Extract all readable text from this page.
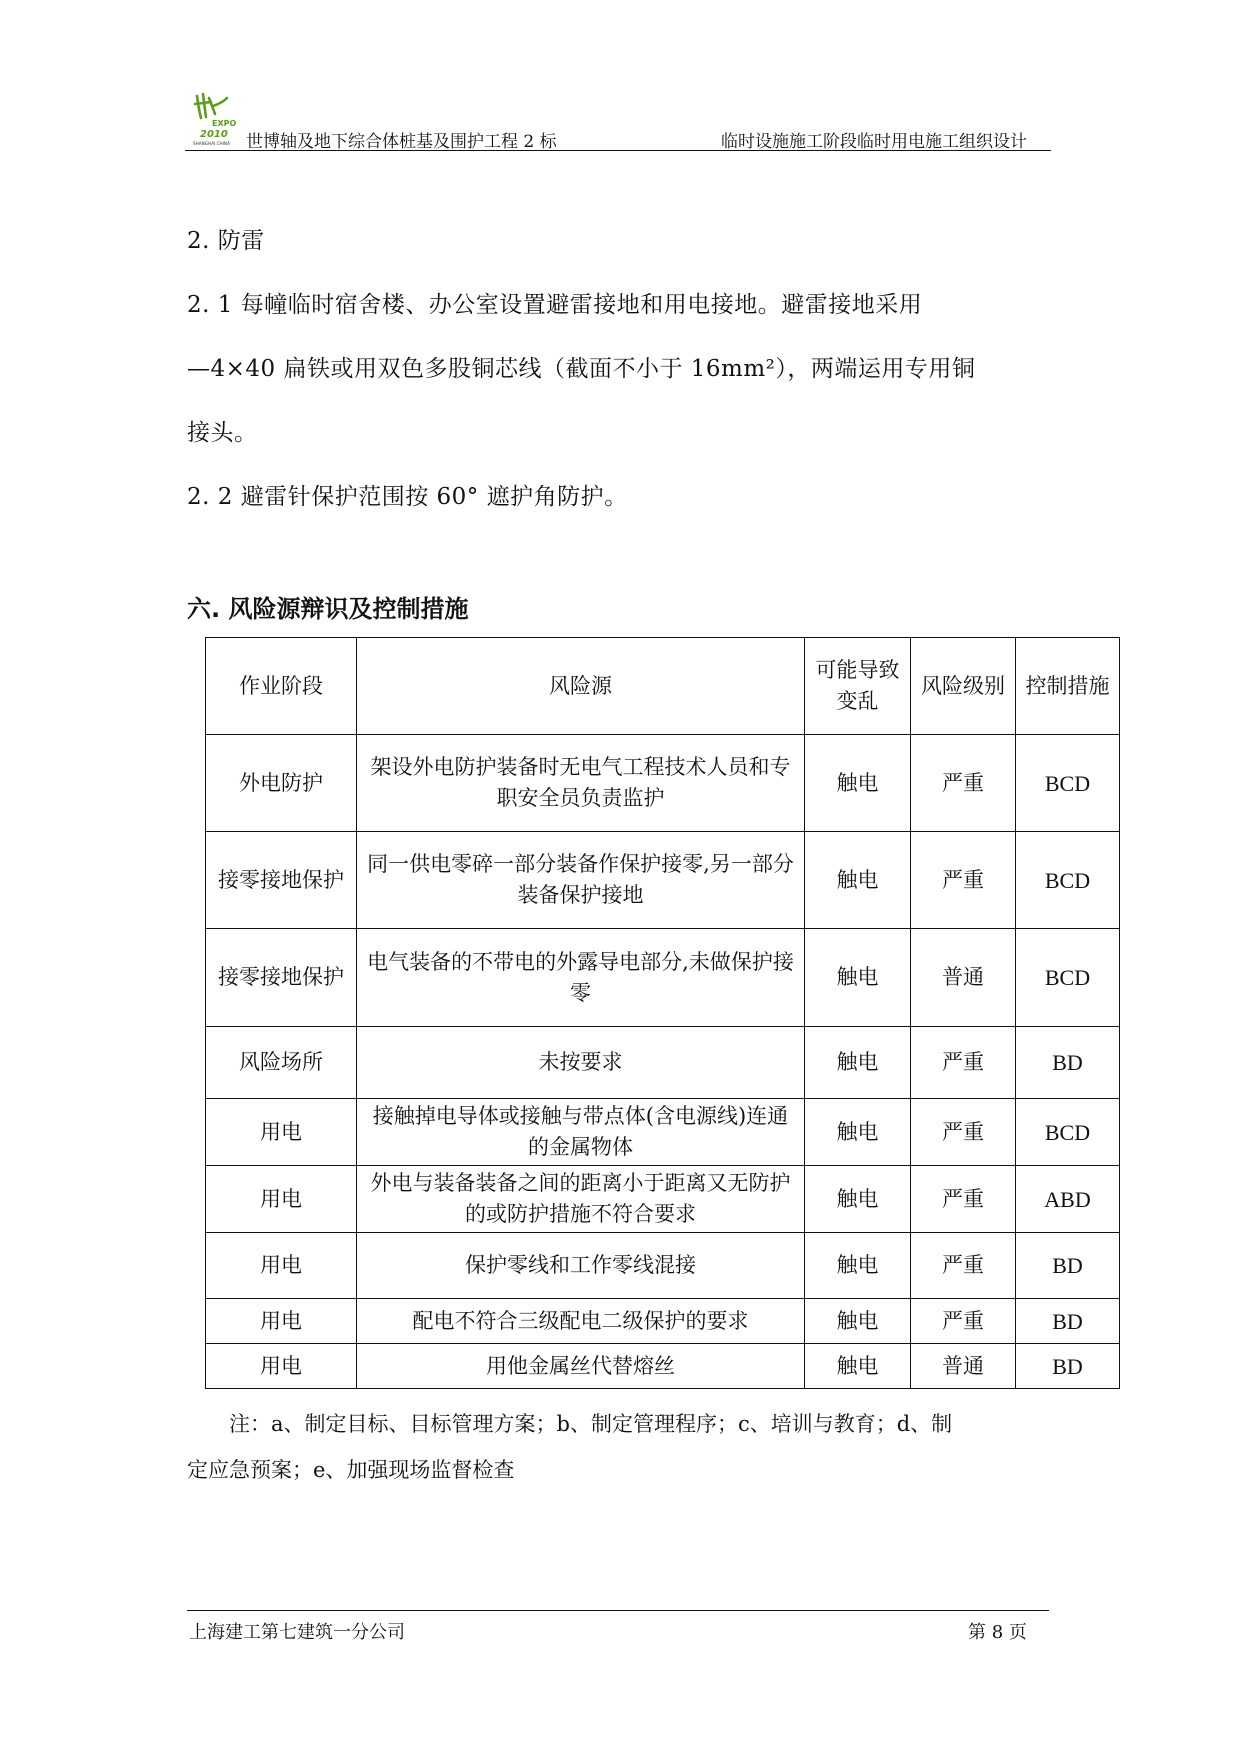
EXPO
2010
SHANGHAI CHINA 世博轴及地下综合体桩基及围护工程 2 标	临时设施施工阶段临时用电施工组织设计
2. 防雷
2. 1 每幢临时宿舍楼、办公室设置避雷接地和用电接地。避雷接地采用
—4×40 扁铁或用双色多股铜芯线（截面不小于 16mm²），两端运用专用铜
接头。
2. 2 避雷针保护范围按 60° 遮护角防护。
六. 风险源辩识及控制措施
作业阶段	风险源	可能导致变乱	风险级别	控制措施
外电防护	架设外电防护装备时无电气工程技术人员和专职安全员负责监护	触电	严重	BCD
接零接地保护	同一供电零碎一部分装备作保护接零,另一部分装备保护接地	触电	严重	BCD
接零接地保护	电气装备的不带电的外露导电部分,未做保护接零	触电	普通	BCD
风险场所	未按要求	触电	严重	BD
用电	接触掉电导体或接触与带点体(含电源线)连通的金属物体	触电	严重	BCD
用电	外电与装备装备之间的距离小于距离又无防护的或防护措施不符合要求	触电	严重	ABD
用电	保护零线和工作零线混接	触电	严重	BD
用电	配电不符合三级配电二级保护的要求	触电	严重	BD
用电	用他金属丝代替熔丝	触电	普通	BD
注：a、制定目标、目标管理方案；b、制定管理程序；c、培训与教育；d、制
定应急预案；e、加强现场监督检查
上海建工第七建筑一分公司	第 8 页
